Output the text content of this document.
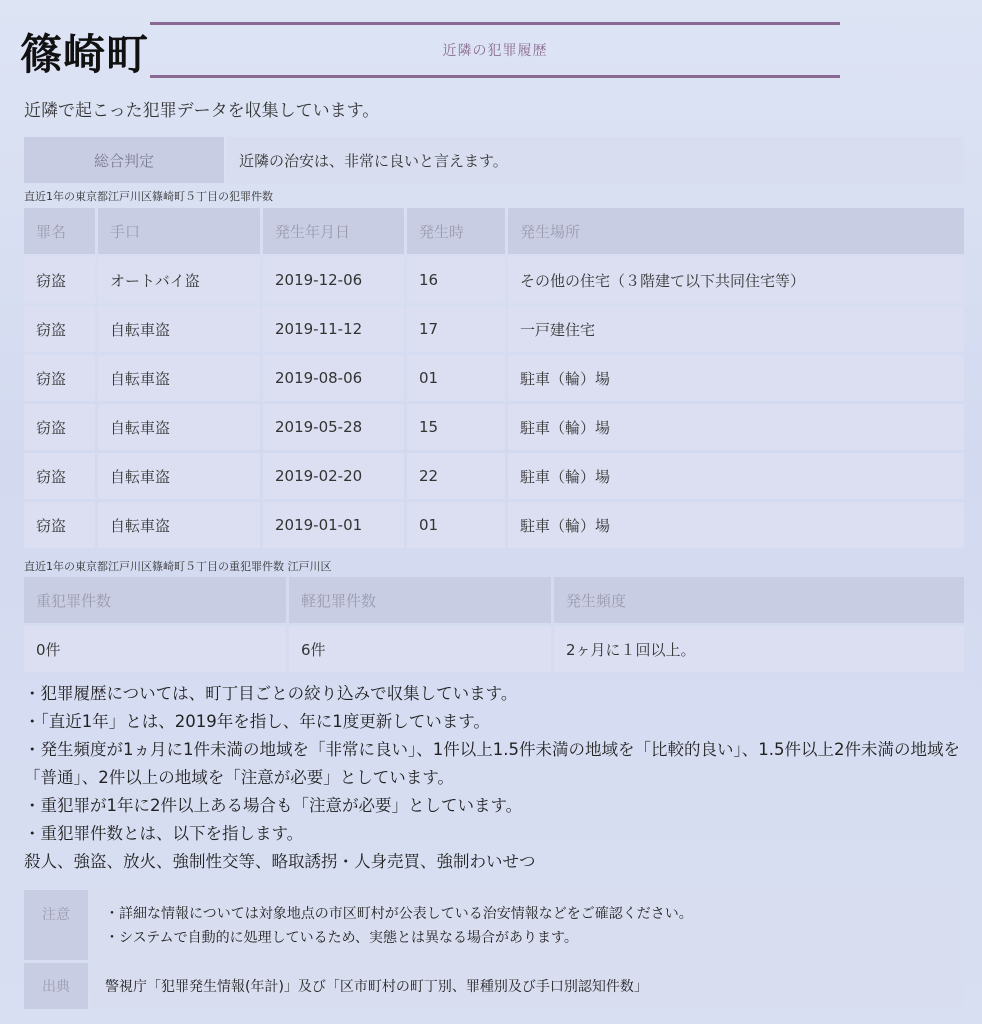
篠崎町	近隣の犯罪履歴
近隣で起こった犯罪データを収集しています。
総合判定	近隣の治安は、非常に良いと言えます。
直近1年の東京都江戸川区篠崎町５丁目の犯罪件数
罪名	手口	発生年月日	発生時	発生場所
窃盗	オートバイ盗	2019-12-06	16	その他の住宅（３階建て以下共同住宅等）
窃盗	自転車盗	2019-11-12	17	一戸建住宅
窃盗	自転車盗	2019-08-06	01	駐車（輪）場
窃盗	自転車盗	2019-05-28	15	駐車（輪）場
窃盗	自転車盗	2019-02-20	22	駐車（輪）場
窃盗	自転車盗	2019-01-01	01	駐車（輪）場
直近1年の東京都江戸川区篠崎町５丁目の重犯罪件数 江戸川区
重犯罪件数	軽犯罪件数	発生頻度
0件	6件	2ヶ月に１回以上。

・犯罪履歴については、町丁目ごとの絞り込みで収集しています。

・「直近1年」とは、2019年を指し、年に1度更新しています。

・発生頻度が1ヵ月に1件未満の地域を「非常に良い」、1件以上1.5件未満の地域を「比較的良い」、1.5件以上2件未満の地域を「普通」、2件以上の地域を「注意が必要」としています。

・重犯罪が1年に2件以上ある場合も「注意が必要」としています。

・重犯罪件数とは、以下を指します。

殺人、強盗、放火、強制性交等、略取誘拐・人身売買、強制わいせつ

注意	・詳細な情報については対象地点の市区町村が公表している治安情報などをご確認ください。

・システムで自動的に処理しているため、実態とは異なる場合があります。

出典	警視庁「犯罪発生情報(年計)」及び「区市町村の町丁別、罪種別及び手口別認知件数」
